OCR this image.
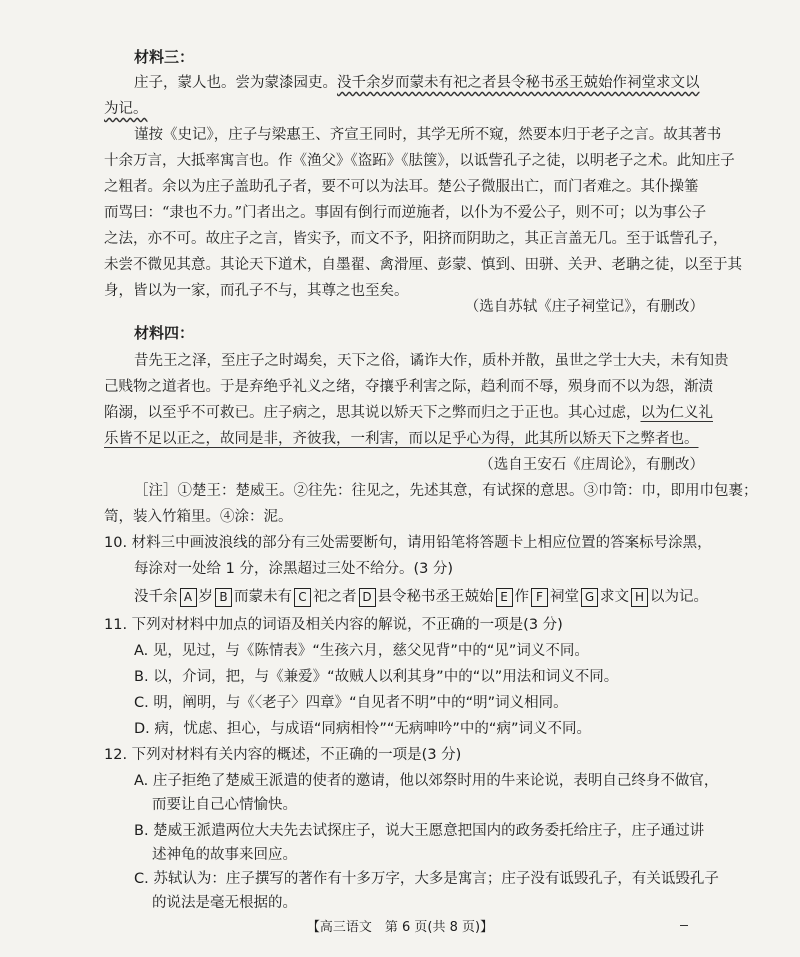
材料三：
庄子，蒙人也。尝为蒙漆园吏。没千余岁而蒙未有祀之者县令秘书丞王兢始作祠堂求文以
为记。
谨按《史记》，庄子与梁惠王、齐宣王同时，其学无所不窥，然要本归于老子之言。故其著书
十余万言，大抵率寓言也。作《渔父》《盗跖》《胠箧》，以诋訾孔子之徒，以明老子之术。此知庄子
之粗者。余以为庄子盖助孔子者，要不可以为法耳。楚公子微服出亡，而门者难之。其仆操箠
而骂曰：“隶也不力。”门者出之。事固有倒行而逆施者，以仆为不爱公子，则不可；以为事公子
之法，亦不可。故庄子之言，皆实予，而文不予，阳挤而阴助之，其正言盖无几。至于诋訾孔子，
未尝不微见其意。其论天下道术，自墨翟、禽滑厘、彭蒙、慎到、田骈、关尹、老聃之徒，以至于其
身，皆以为一家，而孔子不与，其尊之也至矣。
（选自苏轼《庄子祠堂记》，有删改）
材料四：
昔先王之泽，至庄子之时竭矣，天下之俗，谲诈大作，质朴并散，虽世之学士大夫，未有知贵
己贱物之道者也。于是弃绝乎礼义之绪，夺攘乎利害之际，趋利而不辱，殒身而不以为怨，渐渍
陷溺，以至乎不可救已。庄子病之，思其说以矫天下之弊而归之于正也。其心过虑，以为仁义礼
乐皆不足以正之，故同是非，齐彼我，一利害，而以足乎心为得，此其所以矫天下之弊者也。
（选自王安石《庄周论》，有删改）
［注］①楚王：楚威王。②往先：往见之，先述其意，有试探的意思。③巾笥：巾，即用巾包裹；
笥，装入竹箱里。④涂：泥。
10. 材料三中画波浪线的部分有三处需要断句，请用铅笔将答题卡上相应位置的答案标号涂黑，
每涂对一处给 1 分，涂黑超过三处不给分。(3 分)
没千余 A 岁 B 而蒙未有 C 祀之者 D 县令秘书丞王兢始 E 作 F 祠堂 G 求文 H 以为记。
11. 下列对材料中加点的词语及相关内容的解说，不正确的一项是(3 分)
A. 见，见过，与《陈情表》“生孩六月，慈父见背”中的“见”词义不同。
B. 以，介词，把，与《兼爱》“故贼人以利其身”中的“以”用法和词义不同。
C. 明，阐明，与《〈老子〉四章》“自见者不明”中的“明”词义相同。
D. 病，忧虑、担心，与成语“同病相怜”“无病呻吟”中的“病”词义不同。
12. 下列对材料有关内容的概述，不正确的一项是(3 分)
A. 庄子拒绝了楚威王派遣的使者的邀请，他以郊祭时用的牛来论说，表明自己终身不做官，
而要让自己心情愉快。
B. 楚威王派遣两位大夫先去试探庄子，说大王愿意把国内的政务委托给庄子，庄子通过讲
述神龟的故事来回应。
C. 苏轼认为：庄子撰写的著作有十多万字，大多是寓言；庄子没有诋毁孔子，有关诋毁孔子
的说法是毫无根据的。
【高三语文　第 6 页(共 8 页)】
